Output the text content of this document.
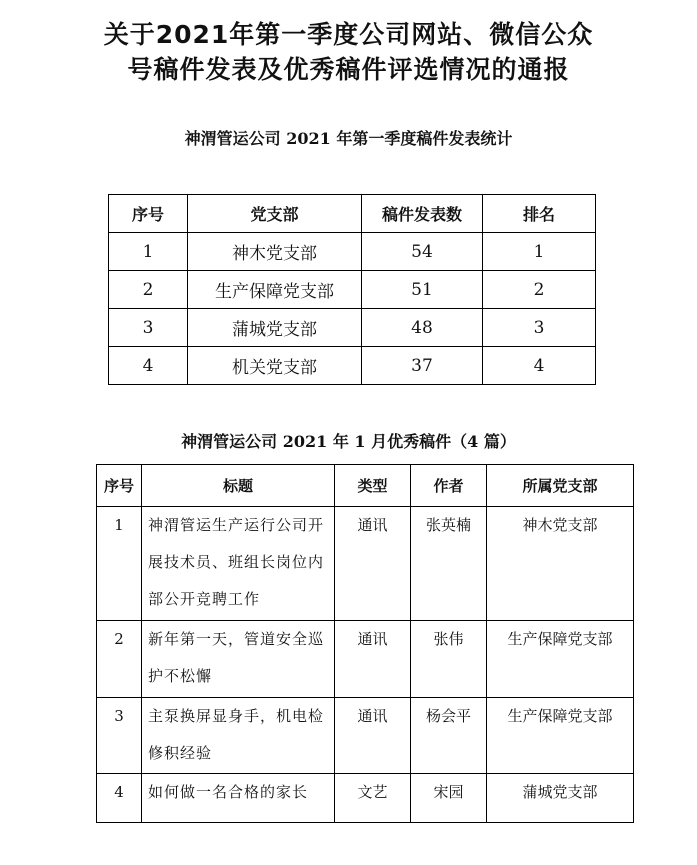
关于2021年第一季度公司网站、微信公众
号稿件发表及优秀稿件评选情况的通报
神渭管运公司 2021 年第一季度稿件发表统计
序号	党支部	稿件发表数	排名
1	神木党支部	54	1
2	生产保障党支部	51	2
3	蒲城党支部	48	3
4	机关党支部	37	4
神渭管运公司 2021 年 1 月优秀稿件（4 篇）
序号	标题	类型	作者	所属党支部
1	神渭管运生产运行公司开展技术员、班组长岗位内部公开竞聘工作	通讯	张英楠	神木党支部
2	新年第一天，管道安全巡护不松懈	通讯	张伟	生产保障党支部
3	主泵换屏显身手，机电检修积经验	通讯	杨会平	生产保障党支部
4	如何做一名合格的家长	文艺	宋园	蒲城党支部
